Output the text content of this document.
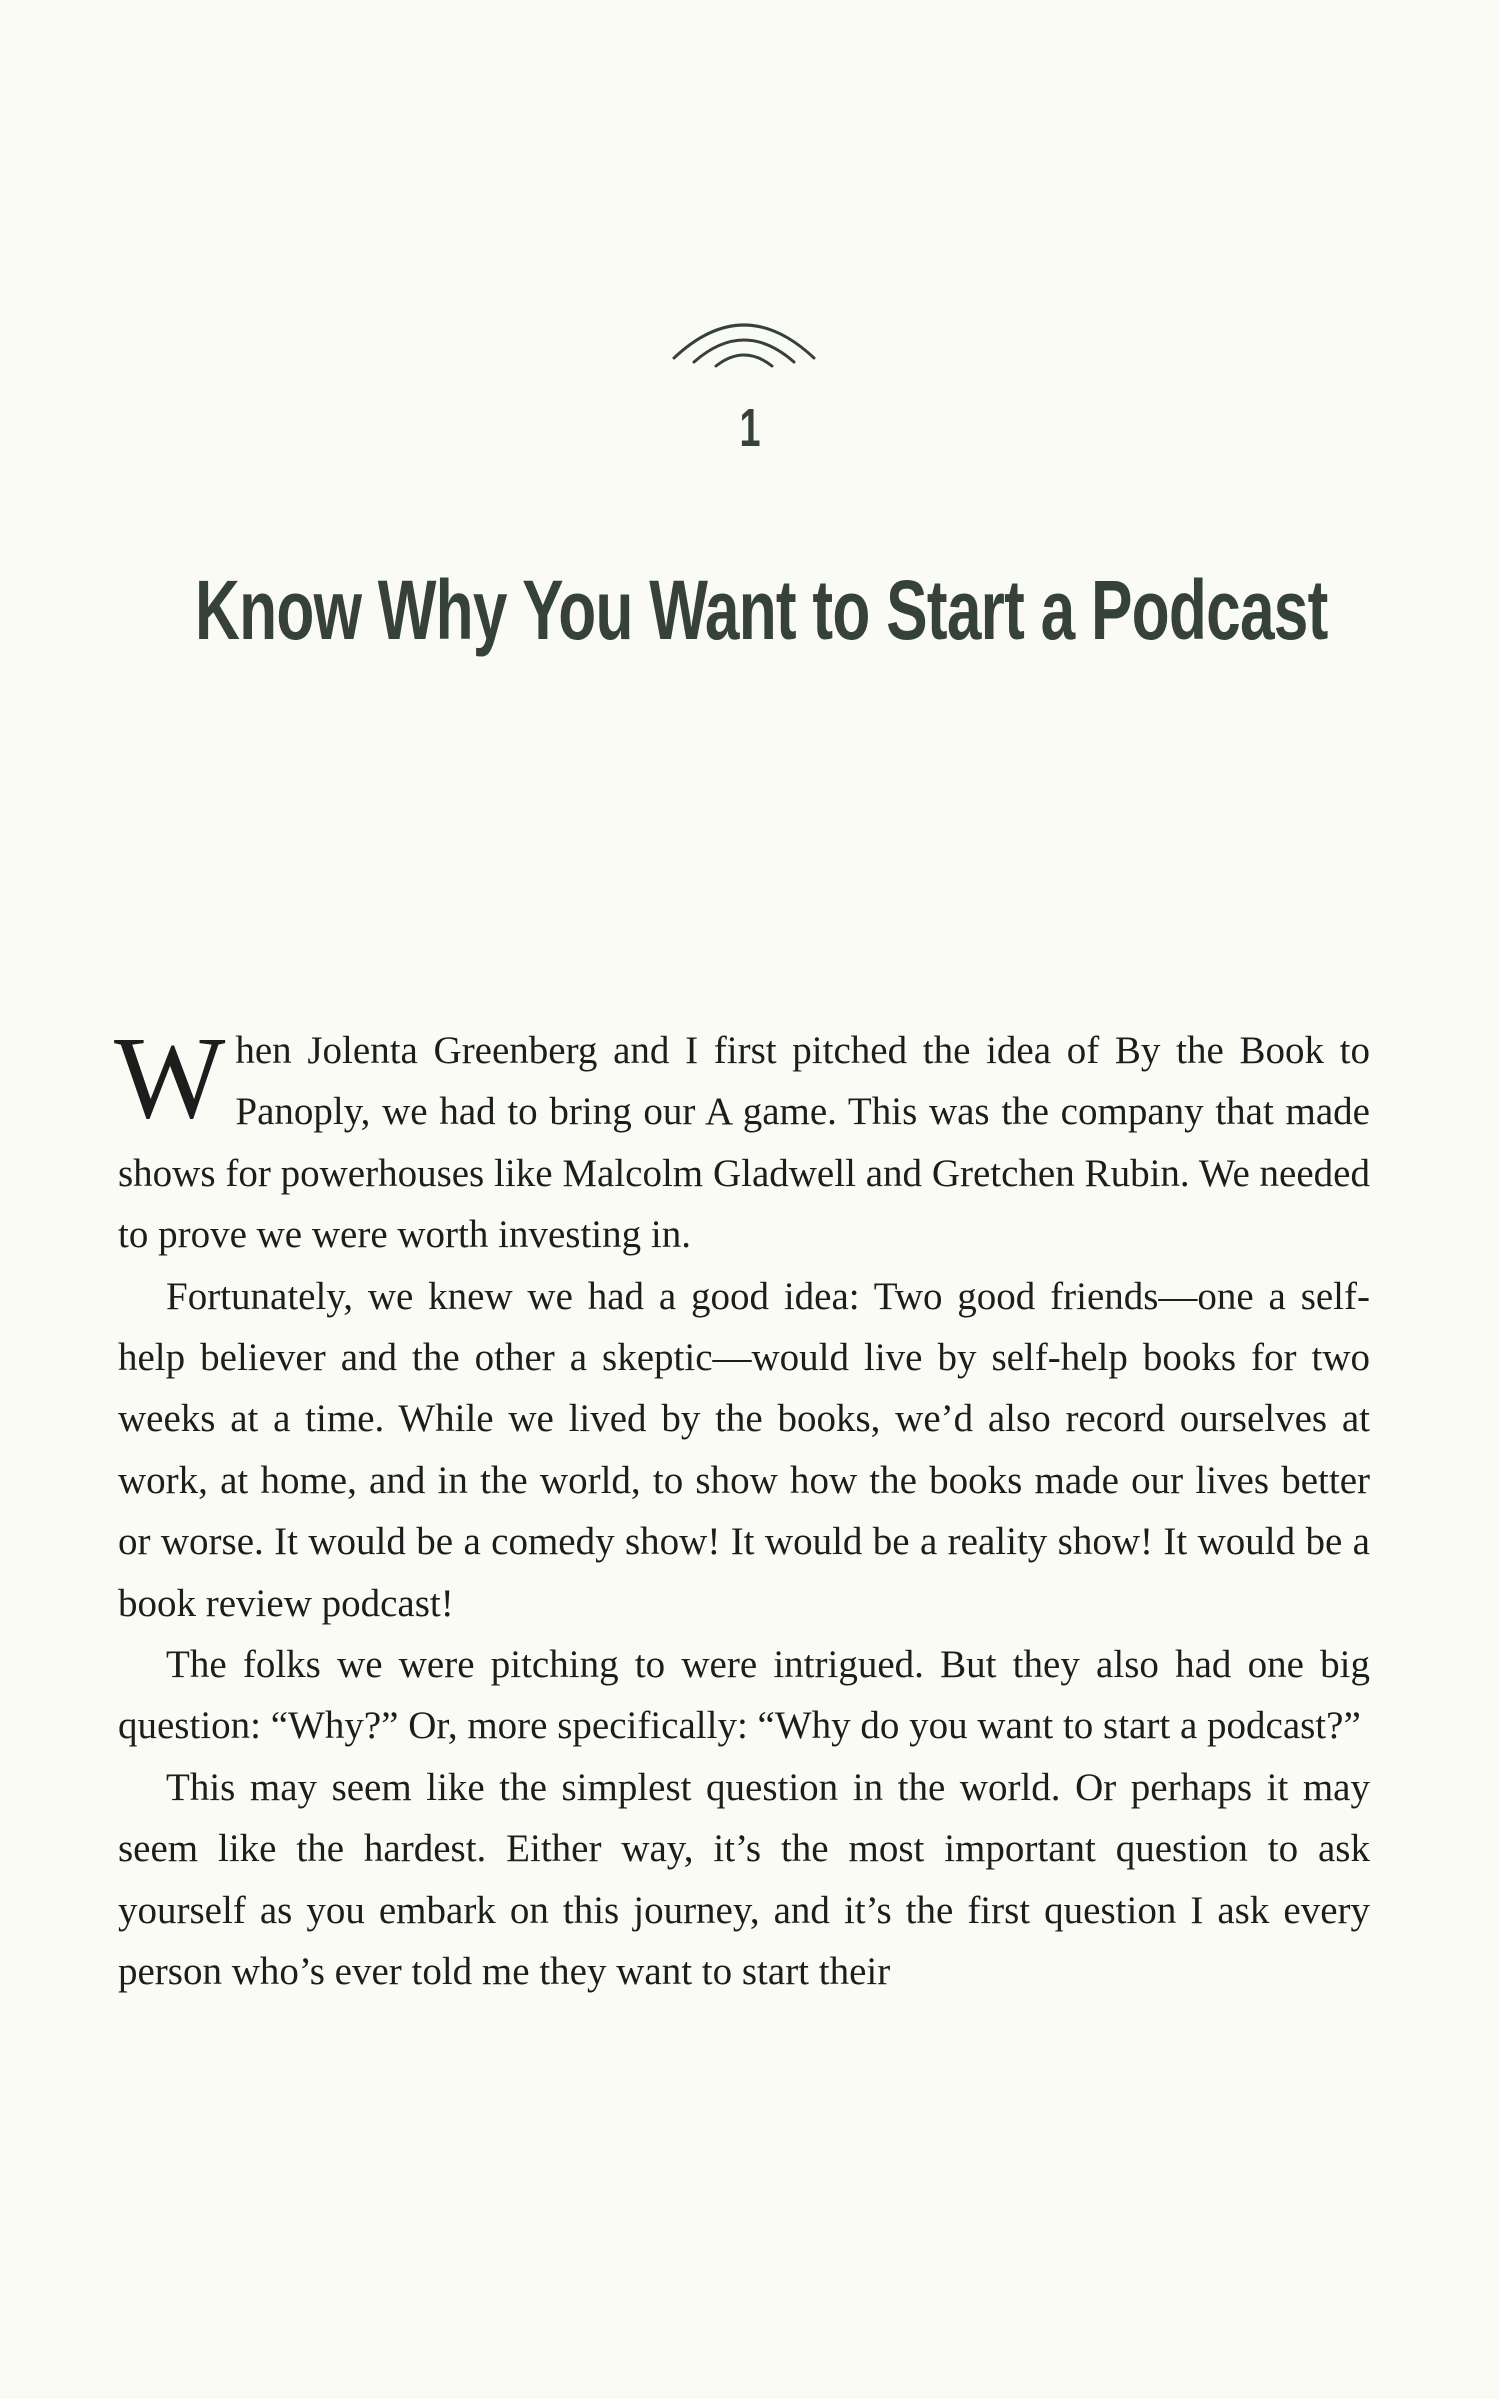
1
Know Why You Want to Start a Podcast

When Jolenta Greenberg and I first pitched the idea of By the Book to Panoply, we had to bring our A game. This was the company that made shows for powerhouses like Malcolm Gladwell and Gretchen Rubin. We needed to prove we were worth investing in.

Fortunately, we knew we had a good idea: Two good friends—one a self-help believer and the other a skeptic—would live by self-help books for two weeks at a time. While we lived by the books, we’d also record ourselves at work, at home, and in the world, to show how the books made our lives better or worse. It would be a comedy show! It would be a reality show! It would be a book review podcast!

The folks we were pitching to were intrigued. But they also had one big question: “Why?” Or, more specifically: “Why do you want to start a podcast?”

This may seem like the simplest question in the world. Or perhaps it may seem like the hardest. Either way, it’s the most important question to ask yourself as you embark on this journey, and it’s the first question I ask every person who’s ever told me they want to start their
